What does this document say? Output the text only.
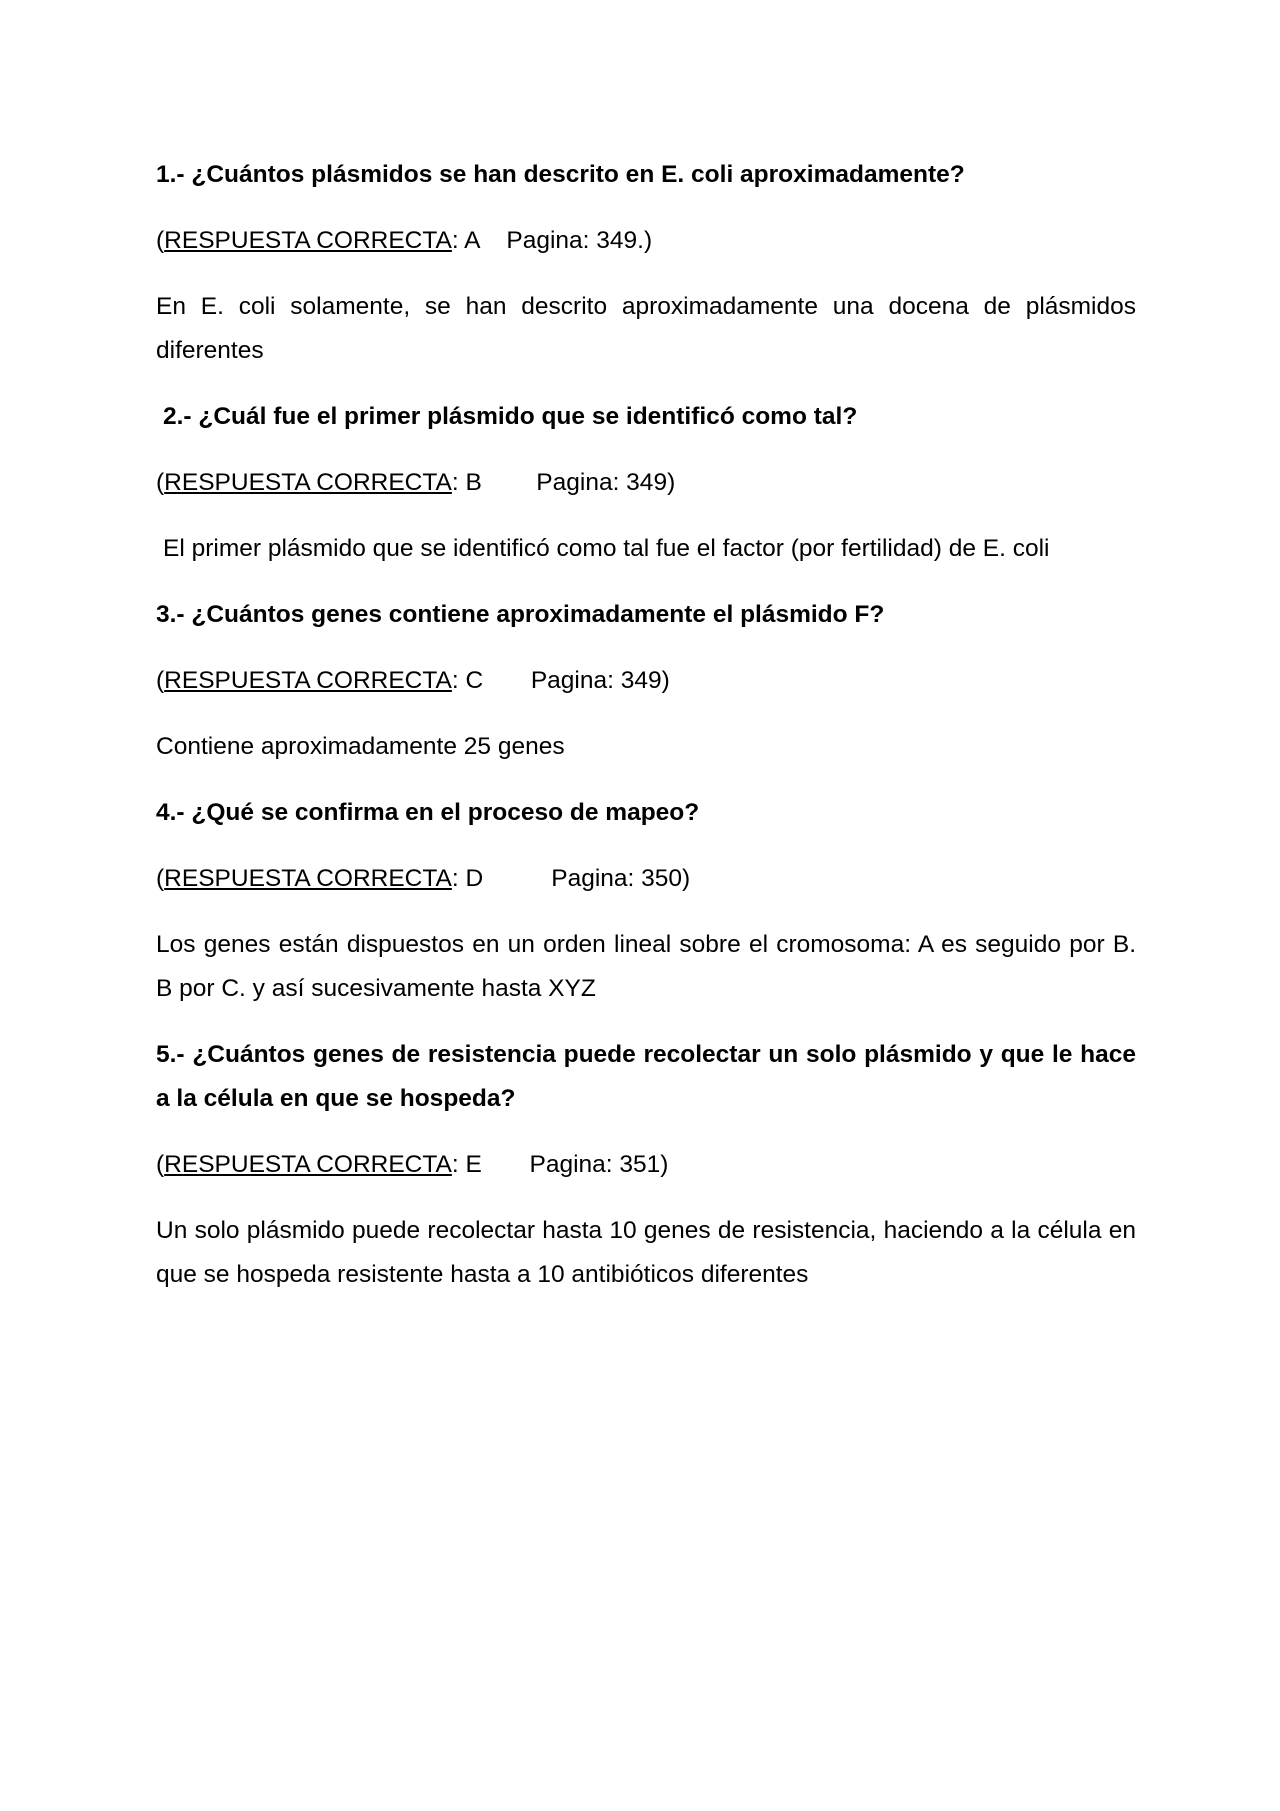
1.- ¿Cuántos plásmidos se han descrito en E. coli aproximadamente?

(RESPUESTA CORRECTA: A    Pagina: 349.)

En E. coli solamente, se han descrito aproximadamente una docena de plásmidos diferentes

2.- ¿Cuál fue el primer plásmido que se identificó como tal?

(RESPUESTA CORRECTA: B        Pagina: 349)

El primer plásmido que se identificó como tal fue el factor (por fertilidad) de E. coli

3.- ¿Cuántos genes contiene aproximadamente el plásmido F?

(RESPUESTA CORRECTA: C       Pagina: 349)

Contiene aproximadamente 25 genes

4.- ¿Qué se confirma en el proceso de mapeo?

(RESPUESTA CORRECTA: D          Pagina: 350)

Los genes están dispuestos en un orden lineal sobre el cromosoma: A es seguido por B. B por C. y así sucesivamente hasta XYZ

5.- ¿Cuántos genes de resistencia puede recolectar un solo plásmido y que le hace a la célula en que se hospeda?

(RESPUESTA CORRECTA: E       Pagina: 351)

Un solo plásmido puede recolectar hasta 10 genes de resistencia, haciendo a la célula en que se hospeda resistente hasta a 10 antibióticos diferentes
